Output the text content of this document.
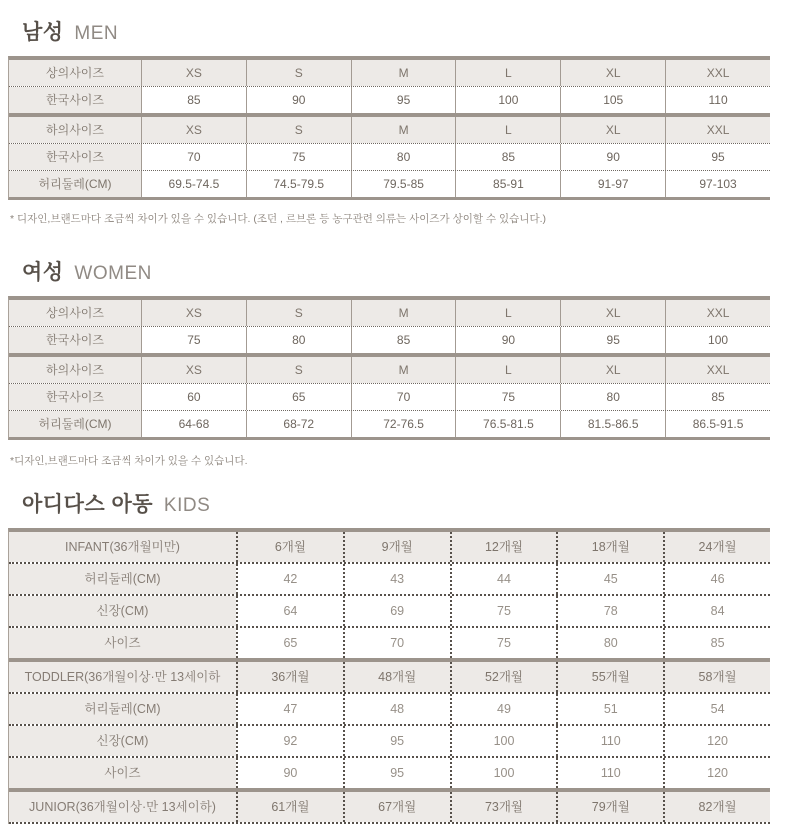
남성 MEN
상의사이즈	XS	S	M	L	XL	XXL
한국사이즈	85	90	95	100	105	110
하의사이즈	XS	S	M	L	XL	XXL
한국사이즈	70	75	80	85	90	95
허리둘레(CM)	69.5-74.5	74.5-79.5	79.5-85	85-91	91-97	97-103

* 디자인,브랜드마다 조금씩 차이가 있을 수 있습니다. (조던 , 르브론 등 농구관련 의류는 사이즈가 상이할 수 있습니다.)

여성 WOMEN
상의사이즈	XS	S	M	L	XL	XXL
한국사이즈	75	80	85	90	95	100
하의사이즈	XS	S	M	L	XL	XXL
한국사이즈	60	65	70	75	80	85
허리둘레(CM)	64-68	68-72	72-76.5	76.5-81.5	81.5-86.5	86.5-91.5

*디자인,브랜드마다 조금씩 차이가 있을 수 있습니다.

아디다스 아동 KIDS
INFANT(36개월미만)	6개월	9개월	12개월	18개월	24개월
허리둘레(CM)	42	43	44	45	46
신장(CM)	64	69	75	78	84
사이즈	65	70	75	80	85
TODDLER(36개월이상·만 13세이하	36개월	48개월	52개월	55개월	58개월
허리둘레(CM)	47	48	49	51	54
신장(CM)	92	95	100	110	120
사이즈	90	95	100	110	120
JUNIOR(36개월이상·만 13세이하)	61개월	67개월	73개월	79개월	82개월
